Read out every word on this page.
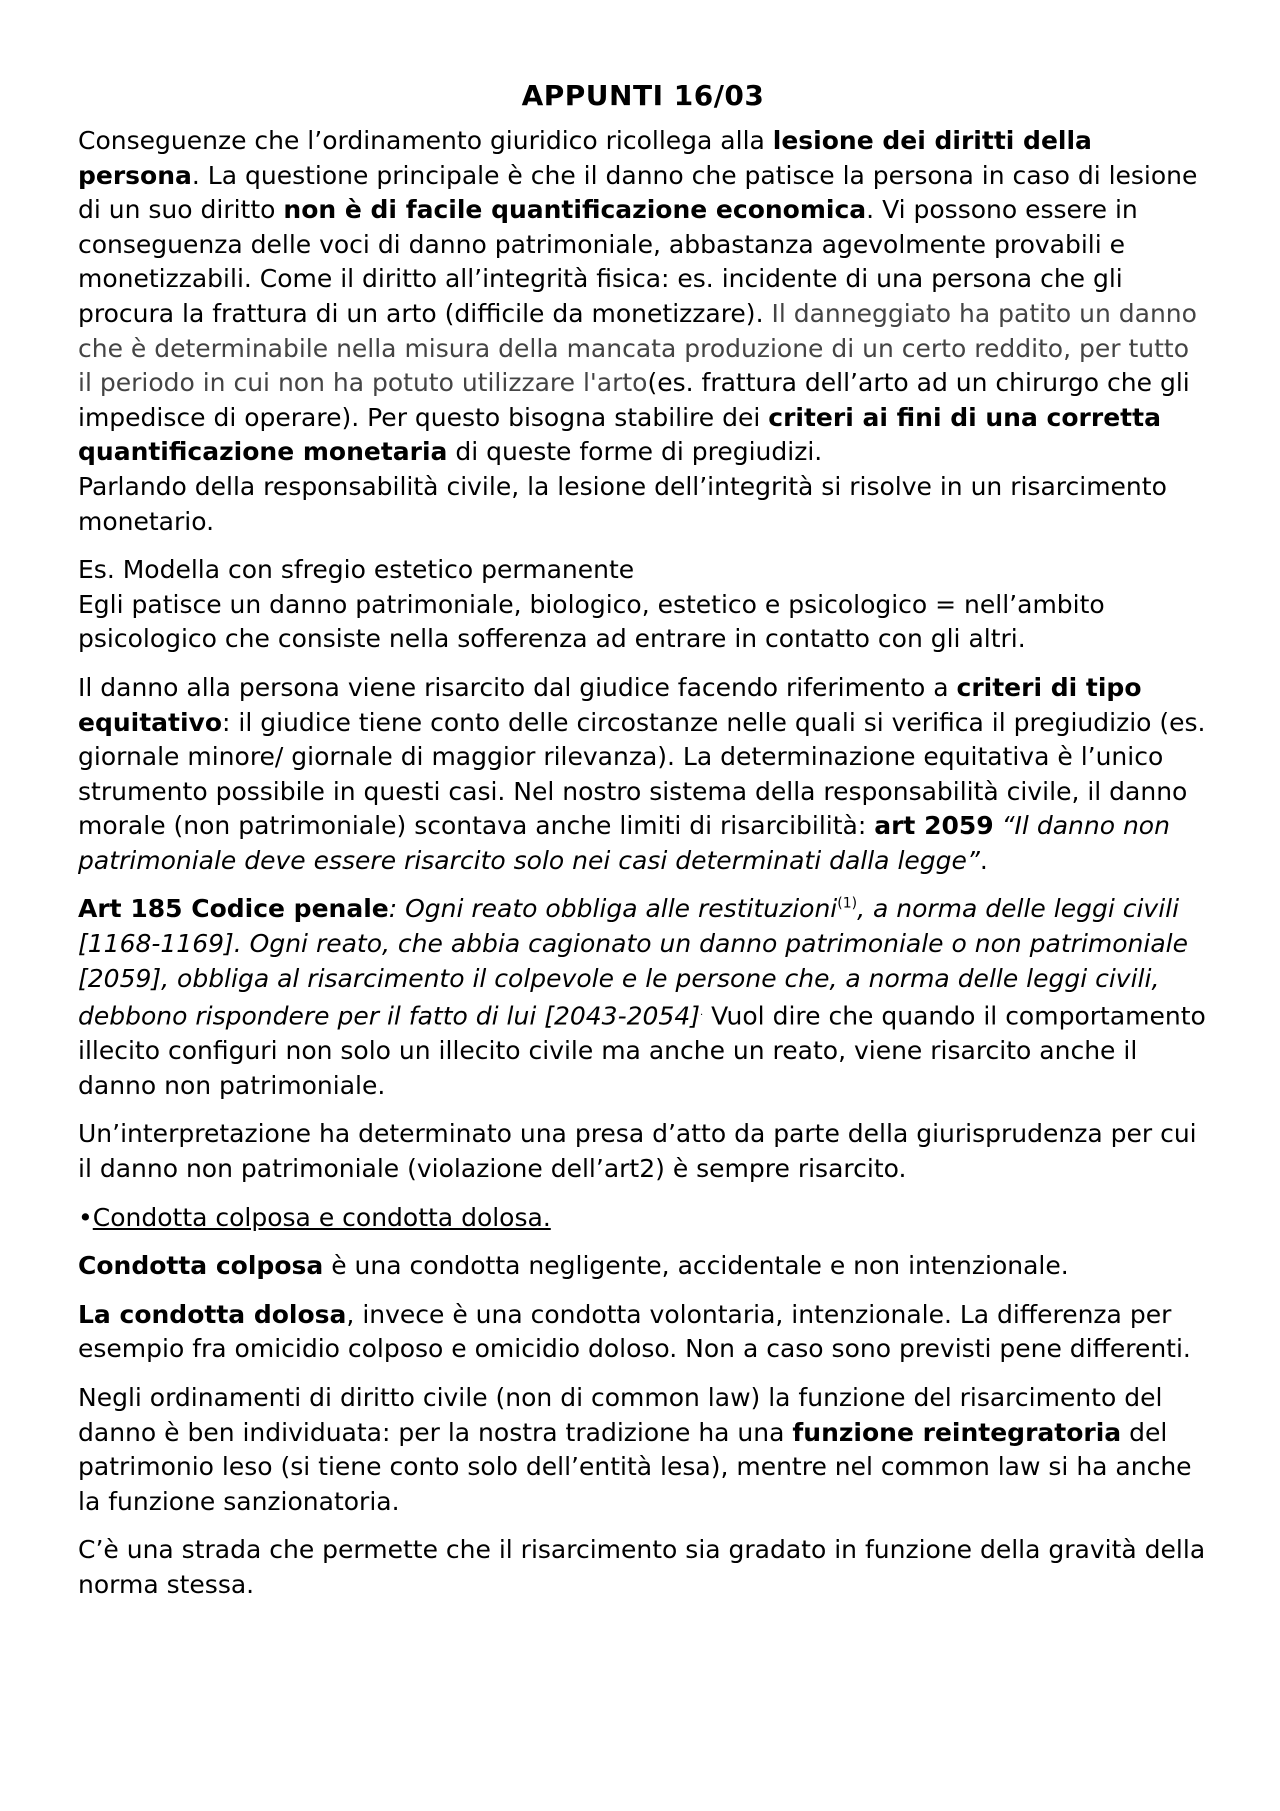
APPUNTI 16/03

Conseguenze che l’ordinamento giuridico ricollega alla lesione dei diritti della persona. La questione principale è che il danno che patisce la persona in caso di lesione di un suo diritto non è di facile quantificazione economica. Vi possono essere in conseguenza delle voci di danno patrimoniale, abbastanza agevolmente provabili e monetizzabili. Come il diritto all’integrità fisica: es. incidente di una persona che gli procura la frattura di un arto (difficile da monetizzare). Il danneggiato ha patito un danno che è determinabile nella misura della mancata produzione di un certo reddito, per tutto il periodo in cui non ha potuto utilizzare l'arto(es. frattura dell’arto ad un chirurgo che gli impedisce di operare). Per questo bisogna stabilire dei criteri ai fini di una corretta quantificazione monetaria di queste forme di pregiudizi.

Parlando della responsabilità civile, la lesione dell’integrità si risolve in un risarcimento monetario.

Es. Modella con sfregio estetico permanente

Egli patisce un danno patrimoniale, biologico, estetico e psicologico = nell’ambito psicologico che consiste nella sofferenza ad entrare in contatto con gli altri.

Il danno alla persona viene risarcito dal giudice facendo riferimento a criteri di tipo equitativo: il giudice tiene conto delle circostanze nelle quali si verifica il pregiudizio (es. giornale minore/ giornale di maggior rilevanza). La determinazione equitativa è l’unico strumento possibile in questi casi. Nel nostro sistema della responsabilità civile, il danno morale (non patrimoniale) scontava anche limiti di risarcibilità: art 2059 “Il danno non patrimoniale deve essere risarcito solo nei casi determinati dalla legge”.

Art 185 Codice penale: Ogni reato obbliga alle restituzioni$^{(1)}$, a norma delle leggi civili [1168-1169]. Ogni reato, che abbia cagionato un danno patrimoniale o non patrimoniale [2059], obbliga al risarcimento il colpevole e le persone che, a norma delle leggi civili, debbono rispondere per il fatto di lui [2043-2054]. Vuol dire che quando il comportamento illecito configuri non solo un illecito civile ma anche un reato, viene risarcito anche il danno non patrimoniale.

Un’interpretazione ha determinato una presa d’atto da parte della giurisprudenza per cui il danno non patrimoniale (violazione dell’art2) è sempre risarcito.

•Condotta colposa e condotta dolosa.

Condotta colposa è una condotta negligente, accidentale e non intenzionale.

La condotta dolosa, invece è una condotta volontaria, intenzionale. La differenza per esempio fra omicidio colposo e omicidio doloso. Non a caso sono previsti pene differenti.

Negli ordinamenti di diritto civile (non di common law) la funzione del risarcimento del danno è ben individuata: per la nostra tradizione ha una funzione reintegratoria del patrimonio leso (si tiene conto solo dell’entità lesa), mentre nel common law si ha anche la funzione sanzionatoria.

C’è una strada che permette che il risarcimento sia gradato in funzione della gravità della norma stessa.
